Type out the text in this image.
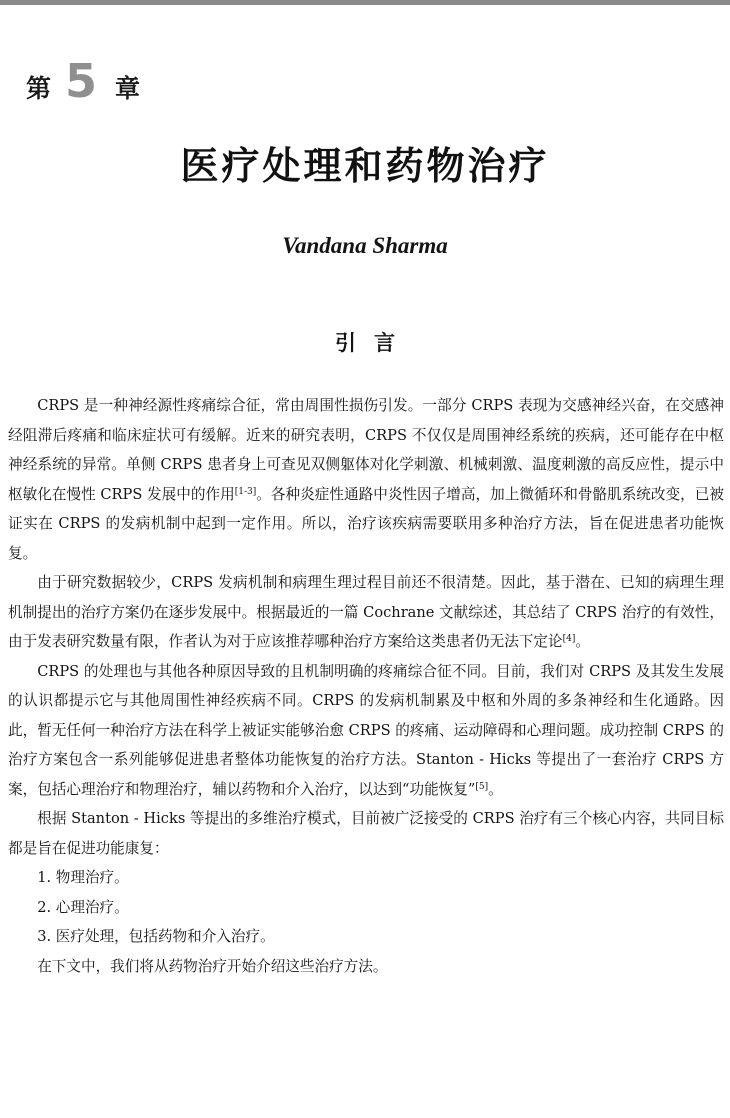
第 5 章
医疗处理和药物治疗
Vandana Sharma
引言

CRPS 是一种神经源性疼痛综合征，常由周围性损伤引发。一部分 CRPS 表现为交感神经兴奋，在交感神经阻滞后疼痛和临床症状可有缓解。近来的研究表明，CRPS 不仅仅是周围神经系统的疾病，还可能存在中枢神经系统的异常。单侧 CRPS 患者身上可查见双侧躯体对化学刺激、机械刺激、温度刺激的高反应性，提示中枢敏化在慢性 CRPS 发展中的作用[1-3]。各种炎症性通路中炎性因子增高，加上微循环和骨骼肌系统改变，已被证实在 CRPS 的发病机制中起到一定作用。所以，治疗该疾病需要联用多种治疗方法，旨在促进患者功能恢复。

由于研究数据较少，CRPS 发病机制和病理生理过程目前还不很清楚。因此，基于潜在、已知的病理生理机制提出的治疗方案仍在逐步发展中。根据最近的一篇 Cochrane 文献综述，其总结了 CRPS 治疗的有效性，由于发表研究数量有限，作者认为对于应该推荐哪种治疗方案给这类患者仍无法下定论[4]。

CRPS 的处理也与其他各种原因导致的且机制明确的疼痛综合征不同。目前，我们对 CRPS 及其发生发展的认识都提示它与其他周围性神经疾病不同。CRPS 的发病机制累及中枢和外周的多条神经和生化通路。因此，暂无任何一种治疗方法在科学上被证实能够治愈 CRPS 的疼痛、运动障碍和心理问题。成功控制 CRPS 的治疗方案包含一系列能够促进患者整体功能恢复的治疗方法。Stanton - Hicks 等提出了一套治疗 CRPS 方案，包括心理治疗和物理治疗，辅以药物和介入治疗，以达到“功能恢复”[5]。

根据 Stanton - Hicks 等提出的多维治疗模式，目前被广泛接受的 CRPS 治疗有三个核心内容，共同目标都是旨在促进功能康复：

1. 物理治疗。

2. 心理治疗。

3. 医疗处理，包括药物和介入治疗。

在下文中，我们将从药物治疗开始介绍这些治疗方法。
